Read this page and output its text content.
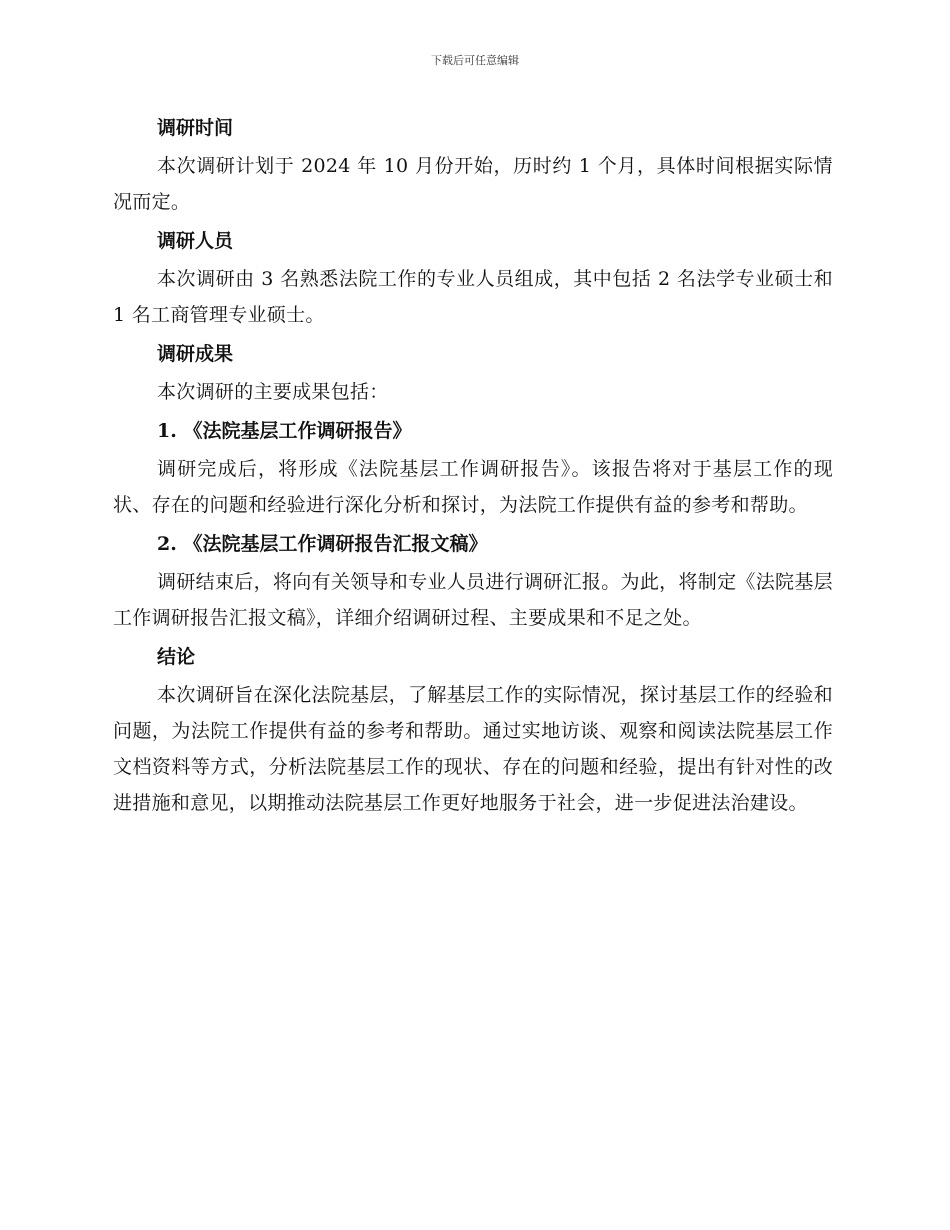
下载后可任意编辑
调研时间

本次调研计划于 2024 年 10 月份开始，历时约 1 个月，具体时间根据实际情况而定。

调研人员

本次调研由 3 名熟悉法院工作的专业人员组成，其中包括 2 名法学专业硕士和 1 名工商管理专业硕士。

调研成果

本次调研的主要成果包括：

1. 《法院基层工作调研报告》

调研完成后，将形成《法院基层工作调研报告》。该报告将对于基层工作的现状、存在的问题和经验进行深化分析和探讨，为法院工作提供有益的参考和帮助。

2. 《法院基层工作调研报告汇报文稿》

调研结束后，将向有关领导和专业人员进行调研汇报。为此，将制定《法院基层工作调研报告汇报文稿》，详细介绍调研过程、主要成果和不足之处。

结论

本次调研旨在深化法院基层，了解基层工作的实际情况，探讨基层工作的经验和问题，为法院工作提供有益的参考和帮助。通过实地访谈、观察和阅读法院基层工作文档资料等方式，分析法院基层工作的现状、存在的问题和经验，提出有针对性的改进措施和意见，以期推动法院基层工作更好地服务于社会，进一步促进法治建设。
